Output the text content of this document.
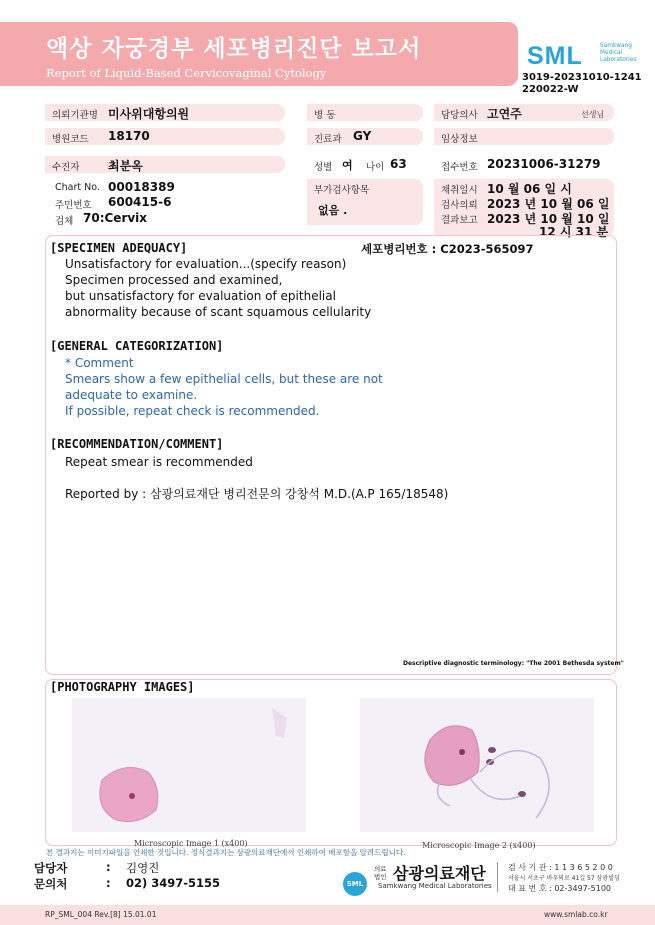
액상 자궁경부 세포병리진단 보고서
Report of Liquid-Based Cervicovaginal Cytology
SML	Samkwang
Medical
Laboratories
3019-20231010-1241
220022-W
의뢰기관명 미사위대항의원	병 동	담당의사 고연주	선생님
병원코드 18170	진료과 GY	임상정보
수진자 최분옥	성별 여 나이 63	접수번호 20231006-31279
Chart No. 00018389
주민번호 600415-6
검체 70:Cervix
부가검사항목
없음 .
채취일시 10 월 06 일 시
검사의뢰 2023 년 10 월 06 일
결과보고 2023 년 10 월 10 일
12 시 31 분
[SPECIMEN ADEQUACY]	세포병리번호 : C2023-565097
Unsatisfactory for evaluation...(specify reason)
Specimen processed and examined,
but unsatisfactory for evaluation of epithelial
abnormality because of scant squamous cellularity
[GENERAL CATEGORIZATION]
* Comment
Smears show a few epithelial cells, but these are not
adequate to examine.
If possible, repeat check is recommended.
[RECOMMENDATION/COMMENT]
Repeat smear is recommended
Reported by : 삼광의료재단 병리전문의 강창석 M.D.(A.P 165/18548)
Descriptive diagnostic terminology: "The 2001 Bethesda system"
[PHOTOGRAPHY IMAGES]
Microscopic Image 1 (x400)	Microscopic Image 2 (x400)
본 결과지는 이미지파일을 인쇄한 것입니다. 정식결과지는 삼광의료재단에서 인쇄하여 배포함을 알려드립니다.
담당자	: 김영진
문의처	: 02) 3497-5155	SML
의료
법인 삼광의료재단
Samkwang Medical Laboratories
검 사 기 관 : 1 1 3 6 5 2 0 0
서울시 서초구 바우뫼로 41길 57 삼광빌딩
대 표 번 호 : 02-3497-5100
RP_SML_004 Rev.[8] 15.01.01	www.smlab.co.kr
